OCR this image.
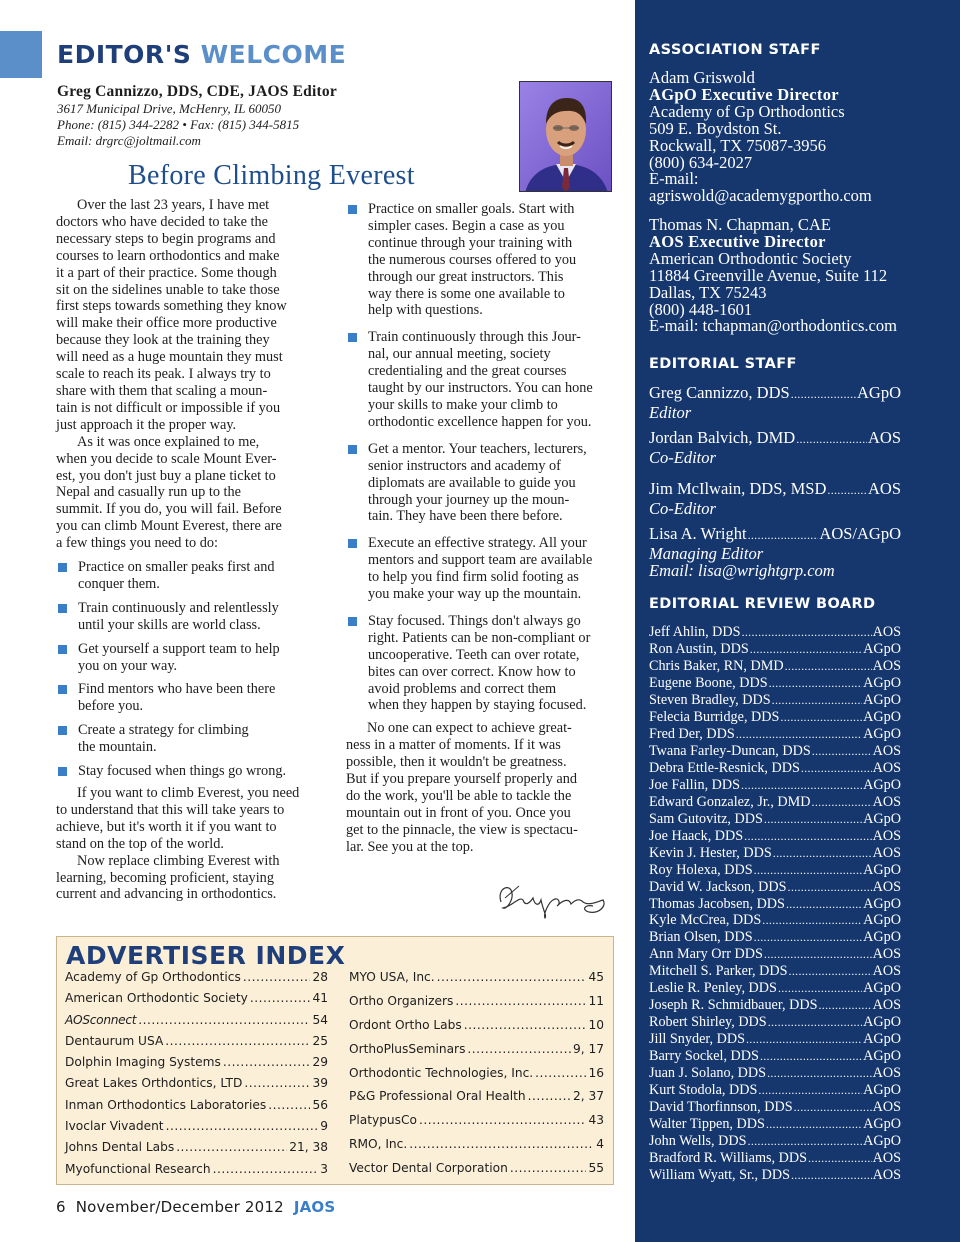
EDITOR'S WELCOME
Greg Cannizzo, DDS, CDE, JAOS Editor
3617 Municipal Drive, McHenry, IL 60050
Phone: (815) 344-2282 • Fax: (815) 344-5815
Email: drgrc@joltmail.com
Before Climbing Everest

Over the last 23 years, I have met
doctors who have decided to take the
necessary steps to begin programs and
courses to learn orthodontics and make
it a part of their practice. Some though
sit on the sidelines unable to take those
first steps towards something they know
will make their office more productive
because they look at the training they
will need as a huge mountain they must
scale to reach its peak. I always try to
share with them that scaling a moun-
tain is not difficult or impossible if you
just approach it the proper way.

As it was once explained to me,
when you decide to scale Mount Ever-
est, you don't just buy a plane ticket to
Nepal and casually run up to the
summit. If you do, you will fail. Before
you can climb Mount Everest, there are
a few things you need to do:

Practice on smaller peaks first and
conquer them.
Train continuously and relentlessly
until your skills are world class.
Get yourself a support team to help
you on your way.
Find mentors who have been there
before you.
Create a strategy for climbing
the mountain.
Stay focused when things go wrong.

If you want to climb Everest, you need
to understand that this will take years to
achieve, but it's worth it if you want to
stand on the top of the world.

Now replace climbing Everest with
learning, becoming proficient, staying
current and advancing in orthodontics.

Practice on smaller goals. Start with
simpler cases. Begin a case as you
continue through your training with
the numerous courses offered to you
through our great instructors. This
way there is some one available to
help with questions.
Train continuously through this Jour-
nal, our annual meeting, society
credentialing and the great courses
taught by our instructors. You can hone
your skills to make your climb to
orthodontic excellence happen for you.
Get a mentor. Your teachers, lecturers,
senior instructors and academy of
diplomats are available to guide you
through your journey up the moun-
tain. They have been there before.
Execute an effective strategy. All your
mentors and support team are available
to help you find firm solid footing as
you make your way up the mountain.
Stay focused. Things don't always go
right. Patients can be non-compliant or
uncooperative. Teeth can over rotate,
bites can over correct. Know how to
avoid problems and correct them
when they happen by staying focused.

No one can expect to achieve great-
ness in a matter of moments. If it was
possible, then it wouldn't be greatness.
But if you prepare yourself properly and
do the work, you'll be able to tackle the
mountain out in front of you. Once you
get to the pinnacle, the view is spectacu-
lar. See you at the top.

ADVERTISER INDEX
Academy of Gp Orthodontics .....	28
American Orthodontic Society .....	41
AOSconnect .....	54
Dentaurum USA .....	25
Dolphin Imaging Systems .....	29
Great Lakes Orthdontics, LTD .....	39
Inman Orthodontics Laboratories .....	56
Ivoclar Vivadent .....	9
Johns Dental Labs .....	21, 38
Myofunctional Research .....	3
MYO USA, Inc. .....	45
Ortho Organizers .....	11
Ordont Ortho Labs .....	10
OrthoPlusSeminars .....	9, 17
Orthodontic Technologies, Inc. .....	16
P&G Professional Oral Health .....	2, 37
PlatypusCo .....	43
RMO, Inc. .....	4
Vector Dental Corporation .....	55
6 November/December 2012 JAOS
ASSOCIATION STAFF
Adam Griswold
AGpO Executive Director
Academy of Gp Orthodontics
509 E. Boydston St.
Rockwall, TX 75087-3956
(800) 634-2027
E-mail:
agriswold@academygportho.com
Thomas N. Chapman, CAE
AOS Executive Director
American Orthodontic Society
11884 Greenville Avenue, Suite 112
Dallas, TX 75243
(800) 448-1601
E-mail: tchapman@orthodontics.com
EDITORIAL STAFF
Greg Cannizzo, DDS .....	AGpO
Editor
Jordan Balvich, DMD .....	AOS
Co-Editor
Jim McIlwain, DDS, MSD .....	AOS
Co-Editor
Lisa A. Wright .....	AOS/AGpO
Managing Editor
Email: lisa@wrightgrp.com
EDITORIAL REVIEW BOARD
Jeff Ahlin, DDS .....	AOS
Ron Austin, DDS .....	AGpO
Chris Baker, RN, DMD .....	AOS
Eugene Boone, DDS .....	AGpO
Steven Bradley, DDS .....	AGpO
Felecia Burridge, DDS .....	AGpO
Fred Der, DDS .....	AGpO
Twana Farley-Duncan, DDS .....	AOS
Debra Ettle-Resnick, DDS .....	AOS
Joe Fallin, DDS .....	AGpO
Edward Gonzalez, Jr., DMD .....	AOS
Sam Gutovitz, DDS .....	AGpO
Joe Haack, DDS .....	AOS
Kevin J. Hester, DDS .....	AOS
Roy Holexa, DDS .....	AGpO
David W. Jackson, DDS .....	AOS
Thomas Jacobsen, DDS .....	AGpO
Kyle McCrea, DDS .....	AGpO
Brian Olsen, DDS .....	AGpO
Ann Mary Orr DDS .....	AOS
Mitchell S. Parker, DDS .....	AOS
Leslie R. Penley, DDS .....	AGpO
Joseph R. Schmidbauer, DDS .....	AOS
Robert Shirley, DDS .....	AGpO
Jill Snyder, DDS .....	AGpO
Barry Sockel, DDS .....	AGpO
Juan J. Solano, DDS .....	AOS
Kurt Stodola, DDS .....	AGpO
David Thorfinnson, DDS .....	AOS
Walter Tippen, DDS .....	AGpO
John Wells, DDS .....	AGpO
Bradford R. Williams, DDS .....	AOS
William Wyatt, Sr., DDS .....	AOS
